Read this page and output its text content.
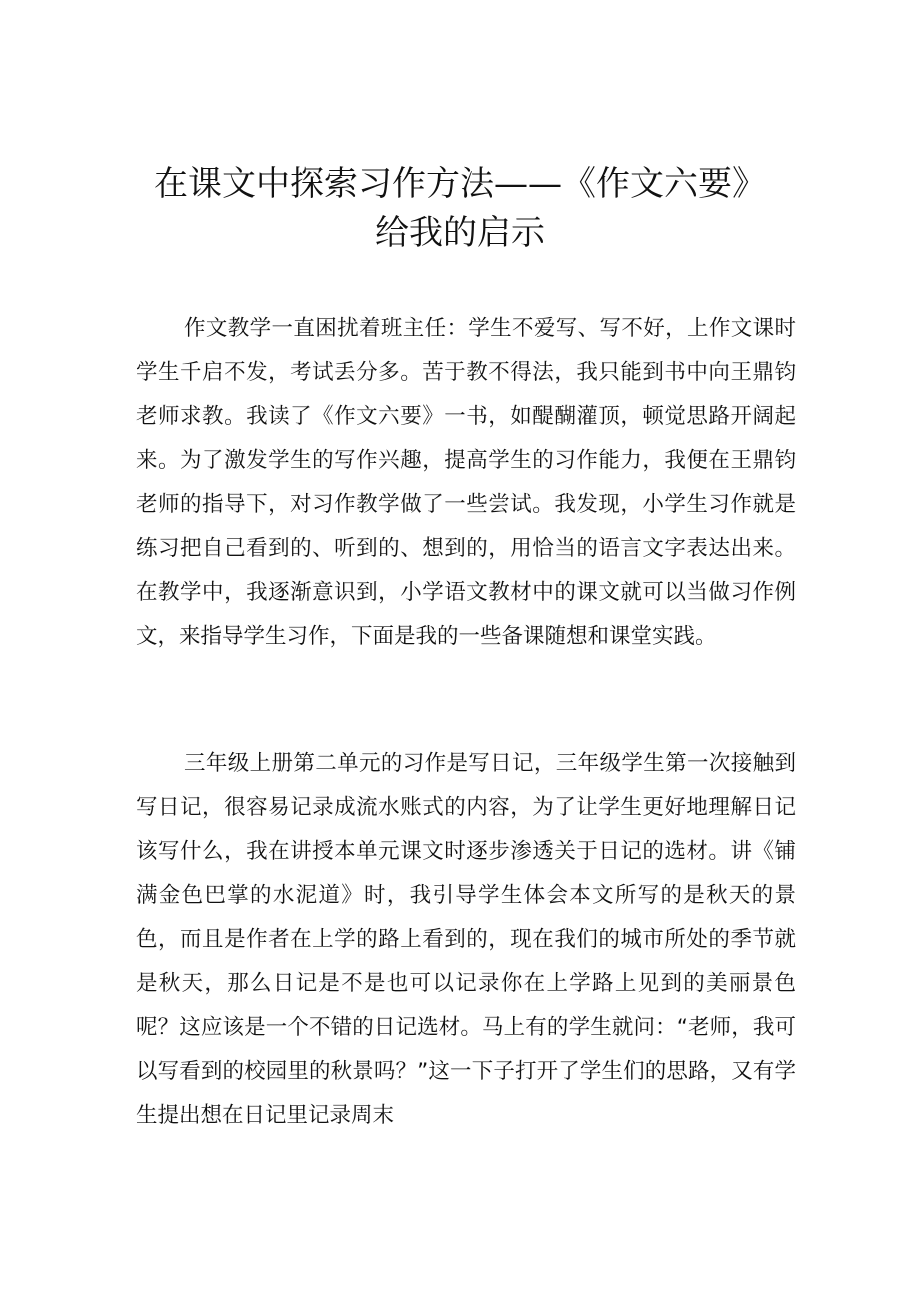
在课文中探索习作方法——《作文六要》
给我的启示

作文教学一直困扰着班主任：学生不爱写、写不好，上作文课时学生千启不发，考试丢分多。苦于教不得法，我只能到书中向王鼎钧老师求教。我读了《作文六要》一书，如醍醐灌顶，顿觉思路开阔起来。为了激发学生的写作兴趣，提高学生的习作能力，我便在王鼎钧老师的指导下，对习作教学做了一些尝试。我发现，小学生习作就是练习把自己看到的、听到的、想到的，用恰当的语言文字表达出来。在教学中，我逐渐意识到，小学语文教材中的课文就可以当做习作例文，来指导学生习作，下面是我的一些备课随想和课堂实践。

三年级上册第二单元的习作是写日记，三年级学生第一次接触到写日记，很容易记录成流水账式的内容，为了让学生更好地理解日记该写什么，我在讲授本单元课文时逐步渗透关于日记的选材。讲《铺满金色巴掌的水泥道》时，我引导学生体会本文所写的是秋天的景色，而且是作者在上学的路上看到的，现在我们的城市所处的季节就是秋天，那么日记是不是也可以记录你在上学路上见到的美丽景色呢？这应该是一个不错的日记选材。马上有的学生就问：“老师，我可以写看到的校园里的秋景吗？”这一下子打开了学生们的思路，又有学生提出想在日记里记录周末
